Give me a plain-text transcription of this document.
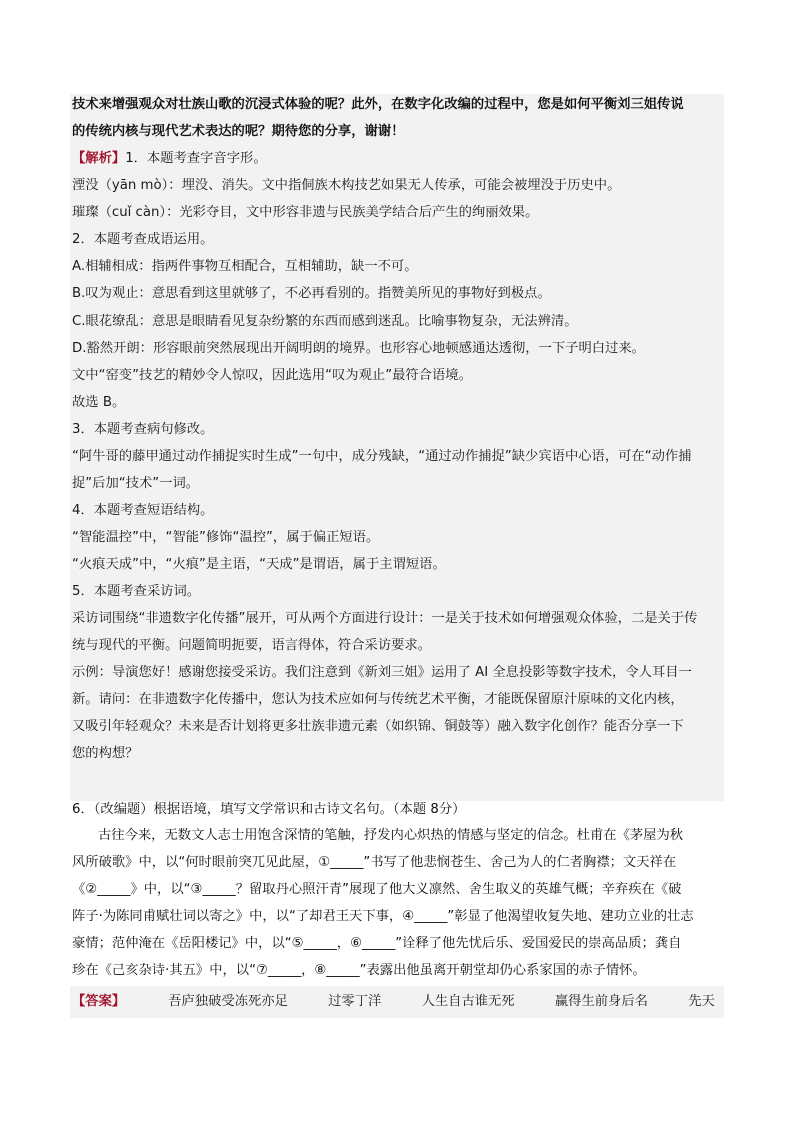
技术来增强观众对壮族山歌的沉浸式体验的呢？此外，在数字化改编的过程中，您是如何平衡刘三姐传说
的传统内核与现代艺术表达的呢？期待您的分享，谢谢！
湮没（yān mò）：埋没、消失。文中指侗族木构技艺如果无人传承，可能会被埋没于历史中。
璀璨（cuǐ càn）：光彩夺目，文中形容非遗与民族美学结合后产生的绚丽效果。
2．本题考查成语运用。
A.相辅相成：指两件事物互相配合，互相辅助，缺一不可。
B.叹为观止：意思看到这里就够了，不必再看别的。指赞美所见的事物好到极点。
C.眼花缭乱：意思是眼睛看见复杂纷繁的东西而感到迷乱。比喻事物复杂，无法辨清。
D.豁然开朗：形容眼前突然展现出开阔明朗的境界。也形容心地顿感通达透彻，一下子明白过来。
文中“窑变”技艺的精妙令人惊叹，因此选用“叹为观止”最符合语境。
故选 B。
3．本题考查病句修改。
“阿牛哥的藤甲通过动作捕捉实时生成”一句中，成分残缺，“通过动作捕捉”缺少宾语中心语，可在“动作捕
捉”后加“技术”一词。
4．本题考查短语结构。
“智能温控”中，“智能”修饰“温控”，属于偏正短语。
“火痕天成”中，“火痕”是主语，“天成”是谓语，属于主谓短语。
5．本题考查采访词。
采访词围绕“非遗数字化传播”展开，可从两个方面进行设计：一是关于技术如何增强观众体验，二是关于传
统与现代的平衡。问题简明扼要，语言得体，符合采访要求。
示例：导演您好！感谢您接受采访。我们注意到《新刘三姐》运用了 AI 全息投影等数字技术，令人耳目一
新。请问：在非遗数字化传播中，您认为技术应如何与传统艺术平衡，才能既保留原汁原味的文化内核，
又吸引年轻观众？未来是否计划将更多壮族非遗元素（如织锦、铜鼓等）融入数字化创作？能否分享一下
您的构想？
6．（改编题）根据语境，填写文学常识和古诗文名句。（本题 8分）
古往今来，无数文人志士用饱含深情的笔触，抒发内心炽热的情感与坚定的信念。杜甫在《茅屋为秋
风所破歌》中，以“何时眼前突兀见此屋，①_____”书写了他悲悯苍生、舍己为人的仁者胸襟；文天祥在
《②_____》中，以“③_____？留取丹心照汗青”展现了他大义凛然、舍生取义的英雄气概；辛弃疾在《破
阵子·为陈同甫赋壮词以寄之》中，以“了却君王天下事，④_____”彰显了他渴望收复失地、建功立业的壮志
豪情；范仲淹在《岳阳楼记》中，以“⑤_____，⑥_____”诠释了他先忧后乐、爱国爱民的崇高品质；龚自
珍在《己亥杂诗·其五》中，以“⑦_____，⑧_____”表露出他虽离开朝堂却仍心系家国的赤子情怀。
【解析】1．本题考查字音字形。
【答案】	吾庐独破受冻死亦足	过零丁洋	人生自古谁无死	赢得生前身后名	先天
